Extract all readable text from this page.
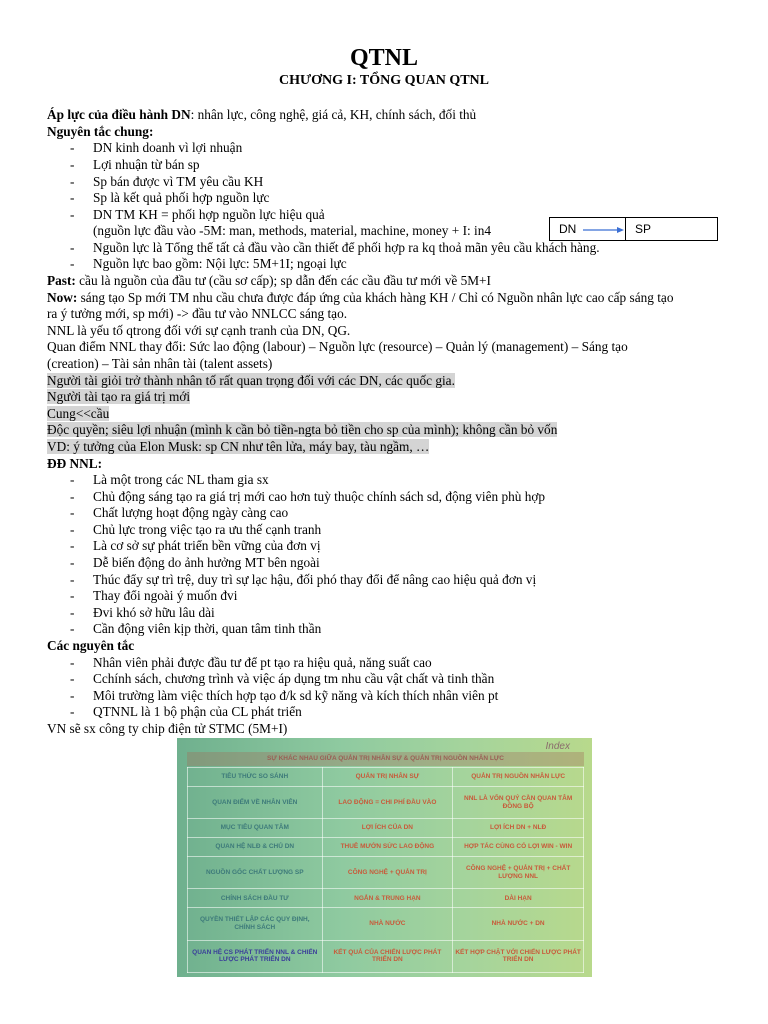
QTNL
CHƯƠNG I: TỔNG QUAN QTNL
Áp lực của điều hành DN: nhân lực, công nghệ, giá cả, KH, chính sách, đối thủ
Nguyên tắc chung:
- DN kinh doanh vì lợi nhuận
- Lợi nhuận từ bán sp
- Sp bán được vì TM yêu cầu KH
- Sp là kết quả phối hợp nguồn lực
- DN TM KH = phối hợp nguồn lực hiệu quả
(nguồn lực đầu vào -5M: man, methods, material, machine, money + I: in4
- Nguồn lực là Tổng thể tất cả đầu vào cần thiết để phối hợp ra kq thoả mãn yêu cầu khách hàng.
- Nguồn lực bao gồm: Nội lực: 5M+1I; ngoại lực
DN	SP
Past: cầu là nguồn của đầu tư (cầu sơ cấp); sp dẫn đến các cầu đầu tư mới về 5M+I
Now: sáng tạo Sp mới TM nhu cầu chưa được đáp ứng của khách hàng KH / Chỉ có Nguồn nhân lực cao cấp sáng tạo
ra ý tưởng mới, sp mới) -> đầu tư vào NNLCC sáng tạo.
NNL là yếu tố qtrong đối với sự cạnh tranh của DN, QG.
Quan điểm NNL thay đổi: Sức lao động (labour) – Nguồn lực (resource) – Quản lý (management) – Sáng tạo
(creation) – Tài sản nhân tài (talent assets)
Người tài giỏi trở thành nhân tố rất quan trọng đối với các DN, các quốc gia.
Người tài tạo ra giá trị mới
Cung<<cầu
Độc quyền; siêu lợi nhuận (mình k cần bỏ tiền-ngta bỏ tiền cho sp của mình); không cần bỏ vốn
VD: ý tưởng của Elon Musk: sp CN như tên lửa, máy bay, tàu ngầm, …
ĐĐ NNL:
- Là một trong các NL tham gia sx
- Chủ động sáng tạo ra giá trị mới cao hơn tuỳ thuộc chính sách sd, động viên phù hợp
- Chất lượng hoạt động ngày càng cao
- Chủ lực trong việc tạo ra ưu thế cạnh tranh
- Là cơ sở sự phát triển bền vững của đơn vị
- Dễ biến động do ảnh hưởng MT bên ngoài
- Thúc đẩy sự trì trệ, duy trì sự lạc hậu, đối phó thay đổi để nâng cao hiệu quả đơn vị
- Thay đổi ngoài ý muốn đvi
- Đvi khó sở hữu lâu dài
- Cần động viên kịp thời, quan tâm tinh thần
Các nguyên tắc
- Nhân viên phải được đầu tư để pt tạo ra hiệu quả, năng suất cao
- Cchính sách, chương trình và việc áp dụng tm nhu cầu vật chất và tinh thần
- Môi trường làm việc thích hợp tạo đ/k sd kỹ năng và kích thích nhân viên pt
- QTNNL là 1 bộ phận của CL phát triển
VN sẽ sx công ty chip điện tử STMC (5M+I)
Index
SỰ KHÁC NHAU GIỮA QUẢN TRỊ NHÂN SỰ & QUẢN TRỊ NGUỒN NHÂN LỰC
TIÊU THỨC SO SÁNH	QUẢN TRỊ NHÂN SỰ	QUẢN TRỊ NGUỒN NHÂN LỰC
QUAN ĐIỂM VỀ NHÂN VIÊN	LAO ĐỘNG = CHI PHÍ ĐẦU VÀO	NNL LÀ VỐN QUÝ CẦN QUAN TÂM ĐỒNG BỘ
MỤC TIÊU QUAN TÂM	LỢI ÍCH CỦA DN	LỢI ÍCH DN + NLĐ
QUAN HỆ NLĐ & CHỦ DN	THUÊ MƯỚN SỨC LAO ĐỘNG	HỢP TÁC CÙNG CÓ LỢI WIN - WIN
NGUỒN GỐC CHẤT LƯỢNG SP	CÔNG NGHỆ + QUẢN TRỊ	CÔNG NGHỆ + QUẢN TRỊ + CHẤT LƯỢNG NNL
CHÍNH SÁCH ĐẦU TƯ	NGẮN & TRUNG HẠN	DÀI HẠN
QUYỀN THIẾT LẬP CÁC QUY ĐỊNH, CHÍNH SÁCH	NHÀ NƯỚC	NHÀ NƯỚC + DN
QUAN HỆ CS PHÁT TRIỂN NNL & CHIẾN LƯỢC PHÁT TRIỂN DN	KẾT QUẢ CỦA CHIẾN LƯỢC PHÁT TRIỂN DN	KẾT HỢP CHẶT VỚI CHIẾN LƯỢC PHÁT TRIỂN DN
